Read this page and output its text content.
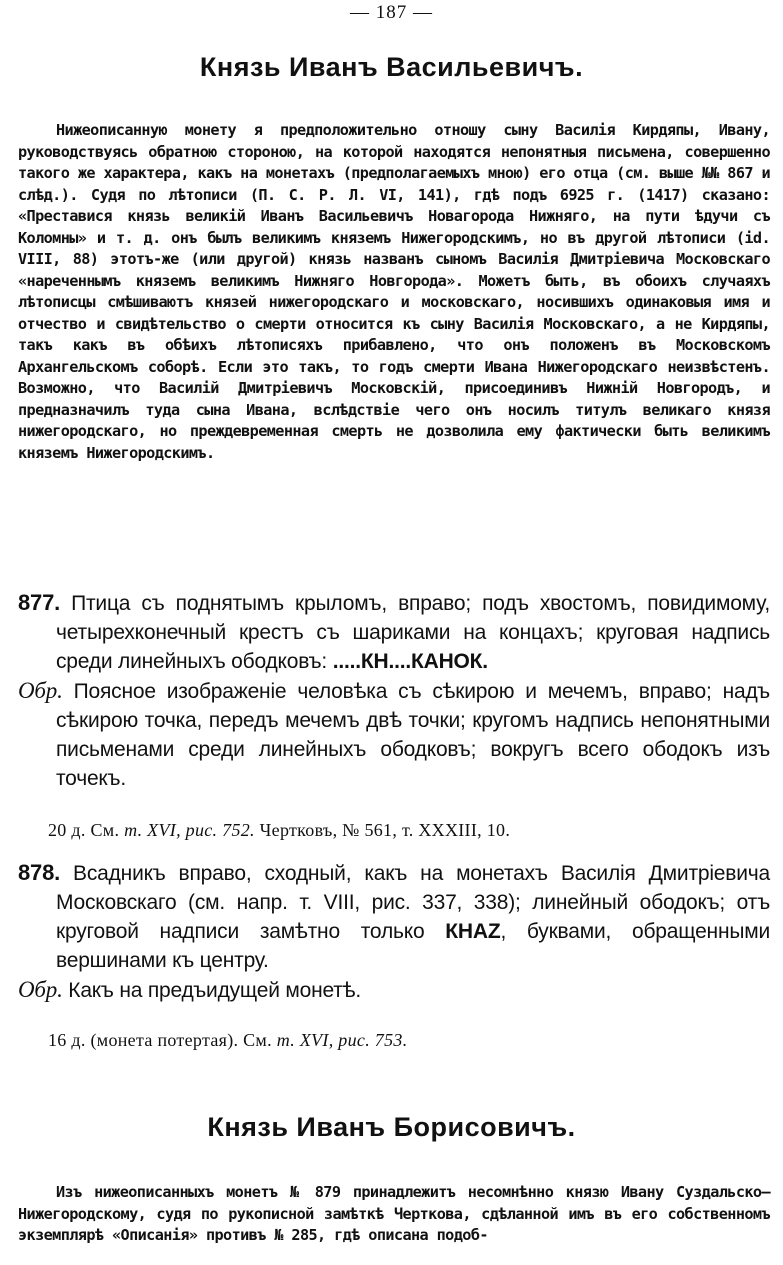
— 187 —
Князь Иванъ Васильевичъ.

Нижеописанную монету я предположительно отношу сыну Василія Кирдяпы, Ивану, руководствуясь обратною стороною, на которой находятся непонятныя письмена, совершенно такого же характера, какъ на монетахъ (предполагаемыхъ мною) его отца (см. выше №№ 867 и слѣд.). Судя по лѣтописи (П. С. Р. Л. VI, 141), гдѣ подъ 6925 г. (1417) сказано: «Преставися князь великій Иванъ Васильевичъ Новагорода Нижняго, на пути ѣдучи съ Коломны» и т. д. онъ былъ великимъ княземъ Нижегородскимъ, но въ другой лѣтописи (id. VIII, 88) этотъ-же (или другой) князь названъ сыномъ Василія Дмитріевича Московскаго «нареченнымъ княземъ великимъ Нижняго Новгорода». Можетъ быть, въ обоихъ случаяхъ лѣтописцы смѣшиваютъ князей нижегородскаго и московскаго, носившихъ одинаковыя имя и отчество и свидѣтельство о смерти относится къ сыну Василія Московскаго, а не Кирдяпы, такъ какъ въ обѣихъ лѣтописяхъ прибавлено, что онъ положенъ въ Московскомъ Архангельскомъ соборѣ. Если это такъ, то годъ смерти Ивана Нижегородскаго неизвѣстенъ. Возможно, что Василій Дмитріевичъ Московскій, присоединивъ Нижній Новгородъ, и предназначилъ туда сына Ивана, вслѣдствіе чего онъ носилъ титулъ великаго князя нижегородскаго, но преждевременная смерть не дозволила ему фактически быть великимъ княземъ Нижегородскимъ.

877. Птица съ поднятымъ крыломъ, вправо; подъ хвостомъ, повидимому, четырехконечный крестъ съ шариками на концахъ; круговая надпись среди линейныхъ ободковъ: .....КН....КАНОК.

Обр. Поясное изображеніе человѣка съ сѣкирою и мечемъ, вправо; надъ сѣкирою точка, передъ мечемъ двѣ точки; кругомъ надпись непонятными письменами среди линейныхъ ободковъ; вокругъ всего ободокъ изъ точекъ.

20 д. См. т. XVI, рис. 752. Чертковъ, № 561, т. XXXIII, 10.

878. Всадникъ вправо, сходный, какъ на монетахъ Василія Дмитріевича Московскаго (см. напр. т. VIII, рис. 337, 338); линейный ободокъ; отъ круговой надписи замѣтно только КНАZ, буквами, обращенными вершинами къ центру.

Обр. Какъ на предъидущей монетѣ.

16 д. (монета потертая). См. т. XVI, рис. 753.
Князь Иванъ Борисовичъ.

Изъ нижеописанныхъ монетъ № 879 принадлежитъ несомнѣнно князю Ивану Суздальско—Нижегородскому, судя по рукописной замѣткѣ Черткова, сдѣланной имъ въ его собственномъ экземплярѣ «Описанія» противъ № 285, гдѣ описана подоб-
